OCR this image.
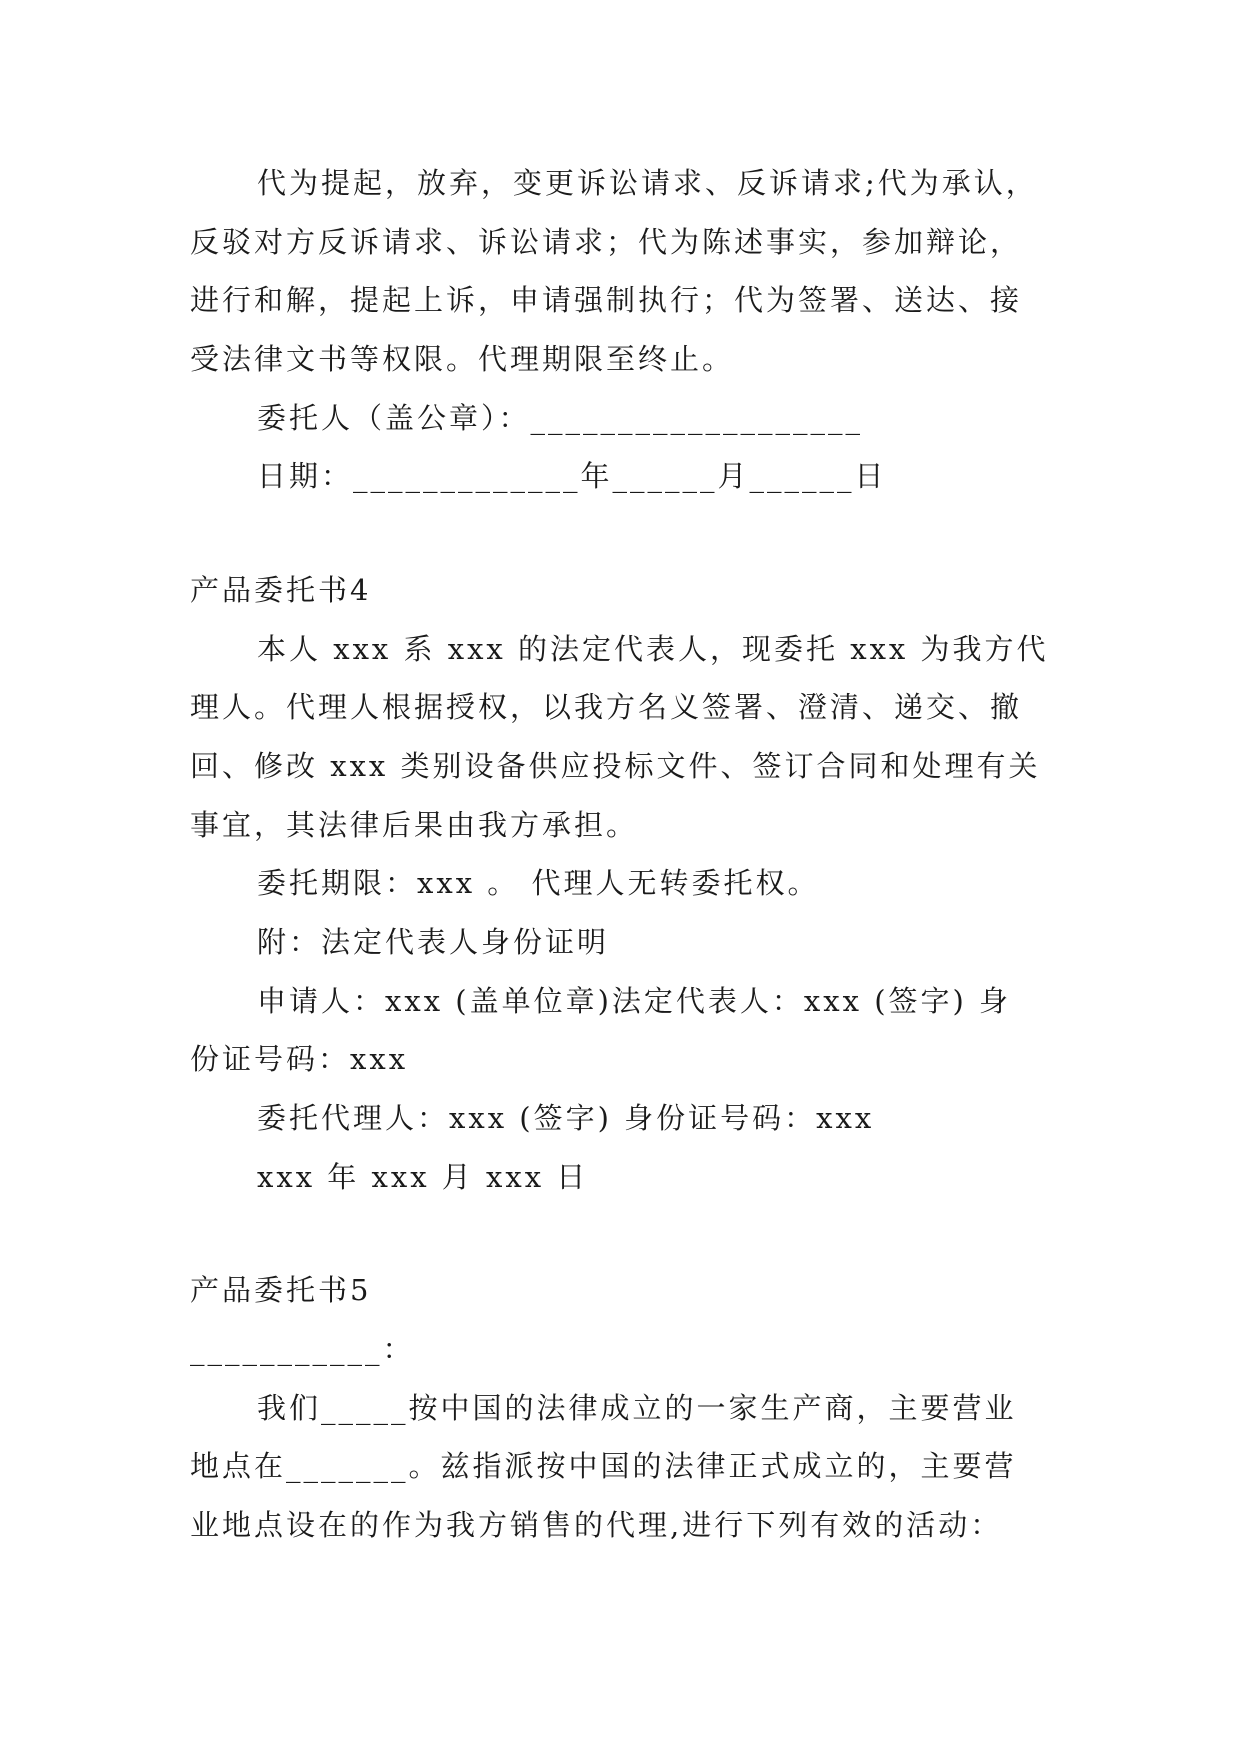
代为提起，放弃，变更诉讼请求、反诉请求;代为承认，
反驳对方反诉请求、诉讼请求；代为陈述事实，参加辩论，
进行和解，提起上诉，申请强制执行；代为签署、送达、接
受法律文书等权限。代理期限至终止。
委托人（盖公章）：___________________
日期：_____________年______月______日
产品委托书4
本人 xxx 系 xxx 的法定代表人，现委托 xxx 为我方代
理人。代理人根据授权，以我方名义签署、澄清、递交、撤
回、修改 xxx 类别设备供应投标文件、签订合同和处理有关
事宜，其法律后果由我方承担。
委托期限：xxx 。 代理人无转委托权。
附：法定代表人身份证明
申请人：xxx (盖单位章)法定代表人：xxx (签字) 身
份证号码：xxx
委托代理人：xxx (签字) 身份证号码：xxx
xxx 年 xxx 月 xxx 日
产品委托书5
___________：
我们_____按中国的法律成立的一家生产商，主要营业
地点在_______。兹指派按中国的法律正式成立的，主要营
业地点设在的作为我方销售的代理,进行下列有效的活动：
